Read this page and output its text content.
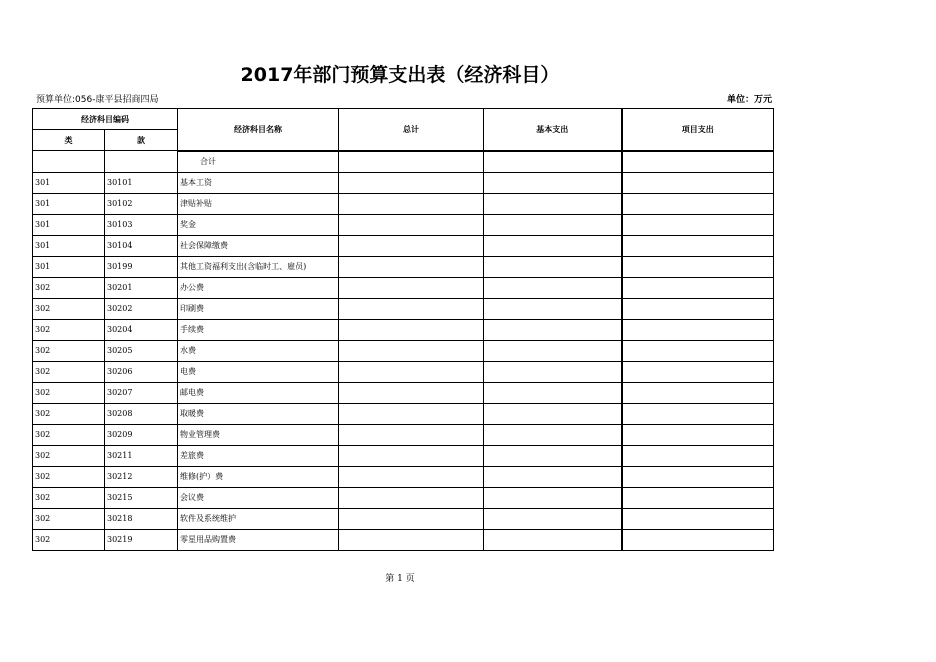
2017年部门预算支出表（经济科目）
预算单位:056-康平县招商四局	单位：万元
经济科目编码		经济科目名称	总计	基本支出	项目支出
类	款				
		合计			
301	30101	基本工资			
301	30102	津贴补贴			
301	30103	奖金			
301	30104	社会保障缴费			
301	30199	其他工资福利支出(含临时工、雇员)			
302	30201	办公费			
302	30202	印刷费			
302	30204	手续费			
302	30205	水费			
302	30206	电费			
302	30207	邮电费			
302	30208	取暖费			
302	30209	物业管理费			
302	30211	差旅费			
302	30212	维修(护）费			
302	30215	会议费			
302	30218	软件及系统维护			
302	30219	零星用品购置费			
第 1 页
